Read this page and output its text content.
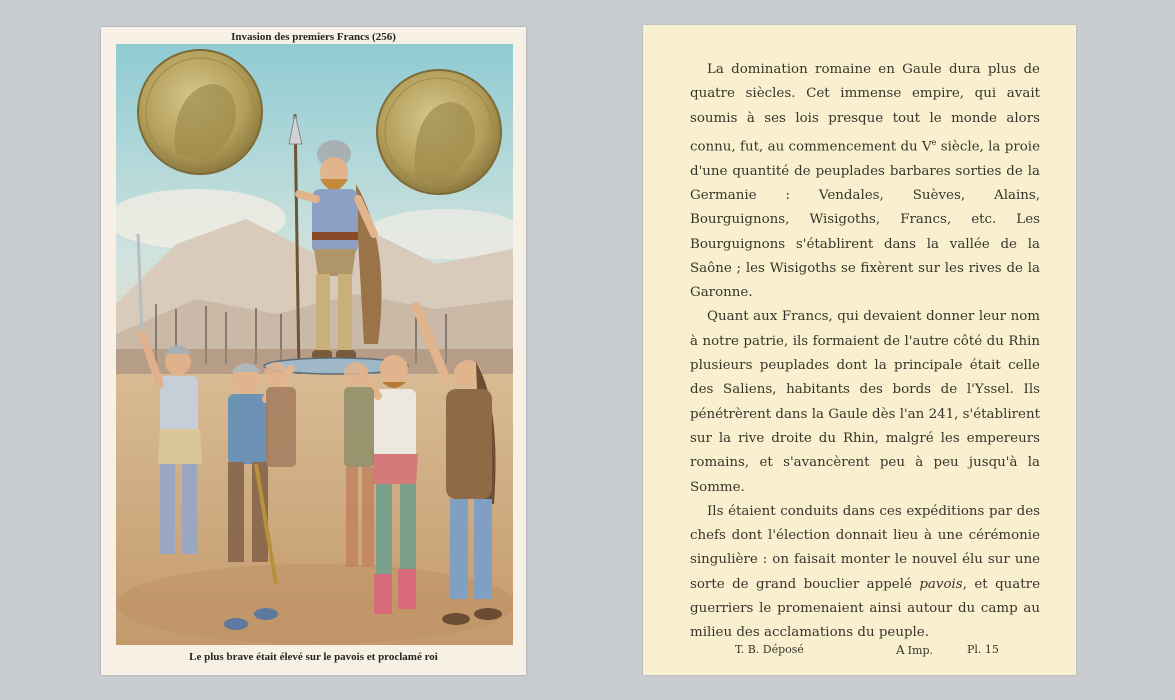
Invasion des premiers Francs (256)
Le plus brave était élevé sur le pavois et proclamé roi

La domination romaine en Gaule dura plus de quatre siècles. Cet immense empire, qui avait soumis à ses lois presque tout le monde alors connu, fut, au commencement du Ve siècle, la proie d'une quantité de peuplades barbares sorties de la Germanie : Vendales, Suèves, Alains, Bourguignons, Wisigoths, Francs, etc. Les Bourguignons s'établirent dans la vallée de la Saône ; les Wisigoths se fixèrent sur les rives de la Garonne.

Quant aux Francs, qui devaient donner leur nom à notre patrie, ils formaient de l'autre côté du Rhin plusieurs peuplades dont la principale était celle des Saliens, habitants des bords de l'Yssel. Ils pénétrèrent dans la Gaule dès l'an 241, s'établirent sur la rive droite du Rhin, malgré les empereurs romains, et s'avancèrent peu à peu jusqu'à la Somme.

Ils étaient conduits dans ces expéditions par des chefs dont l'élection donnait lieu à une cérémonie singulière : on faisait monter le nouvel élu sur une sorte de grand bouclier appelé pavois, et quatre guerriers le promenaient ainsi autour du camp au milieu des acclamations du peuple.

T. B. Déposé	A Imp.	Pl. 15
